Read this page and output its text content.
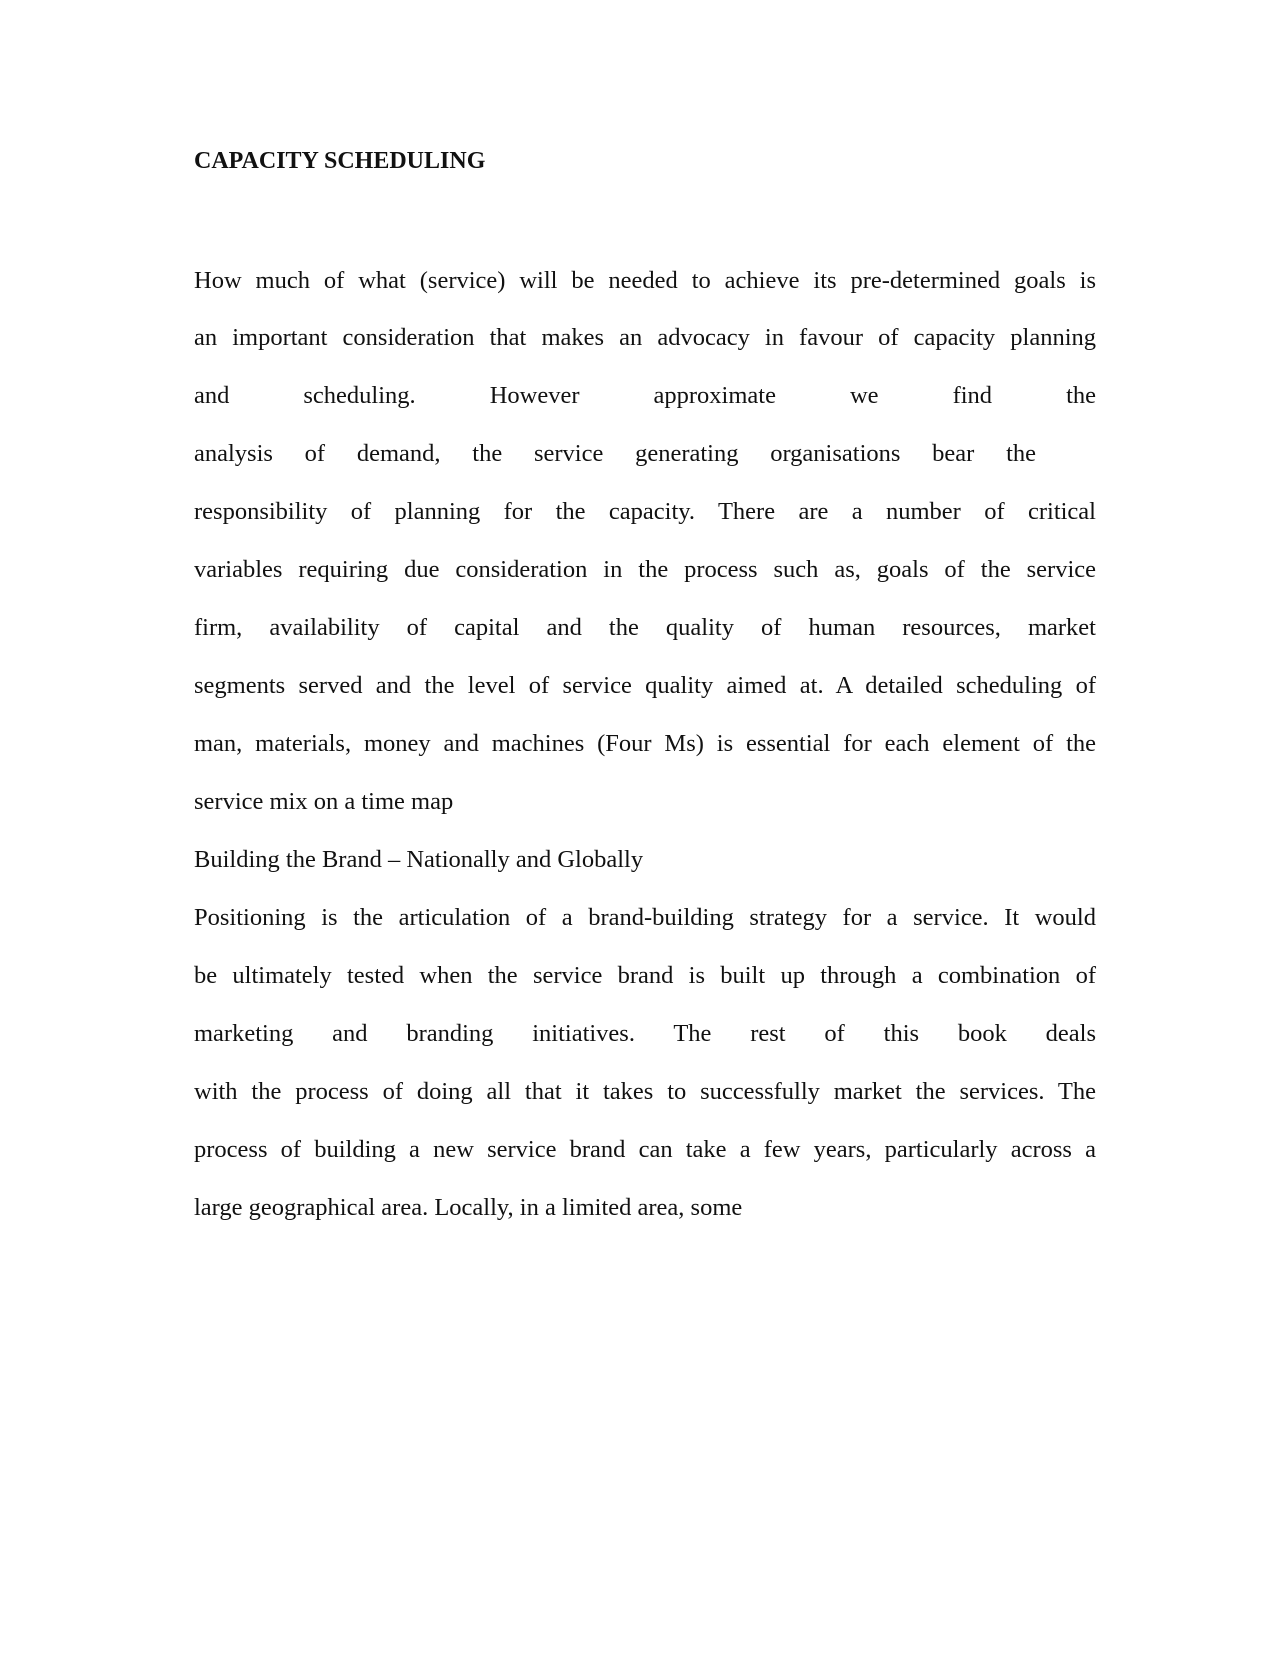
CAPACITY SCHEDULING
How much of what (service) will be needed to achieve its pre-determined goals is
an important consideration that makes an advocacy in favour of capacity planning
and scheduling. However approximate we find the
analysis of demand, the service generating organisations bear the
responsibility of planning for the capacity. There are a number of critical
variables requiring due consideration in the process such as, goals of the service
firm, availability of capital and the quality of human resources, market
segments served and the level of service quality aimed at. A detailed scheduling of
man, materials, money and machines (Four Ms) is essential for each element of the
service mix on a time map
Building the Brand – Nationally and Globally
Positioning is the articulation of a brand-building strategy for a service. It would
be ultimately tested when the service brand is built up through a combination of
marketing and branding initiatives. The rest of this book deals
with the process of doing all that it takes to successfully market the services. The
process of building a new service brand can take a few years, particularly across a
large geographical area. Locally, in a limited area, some
